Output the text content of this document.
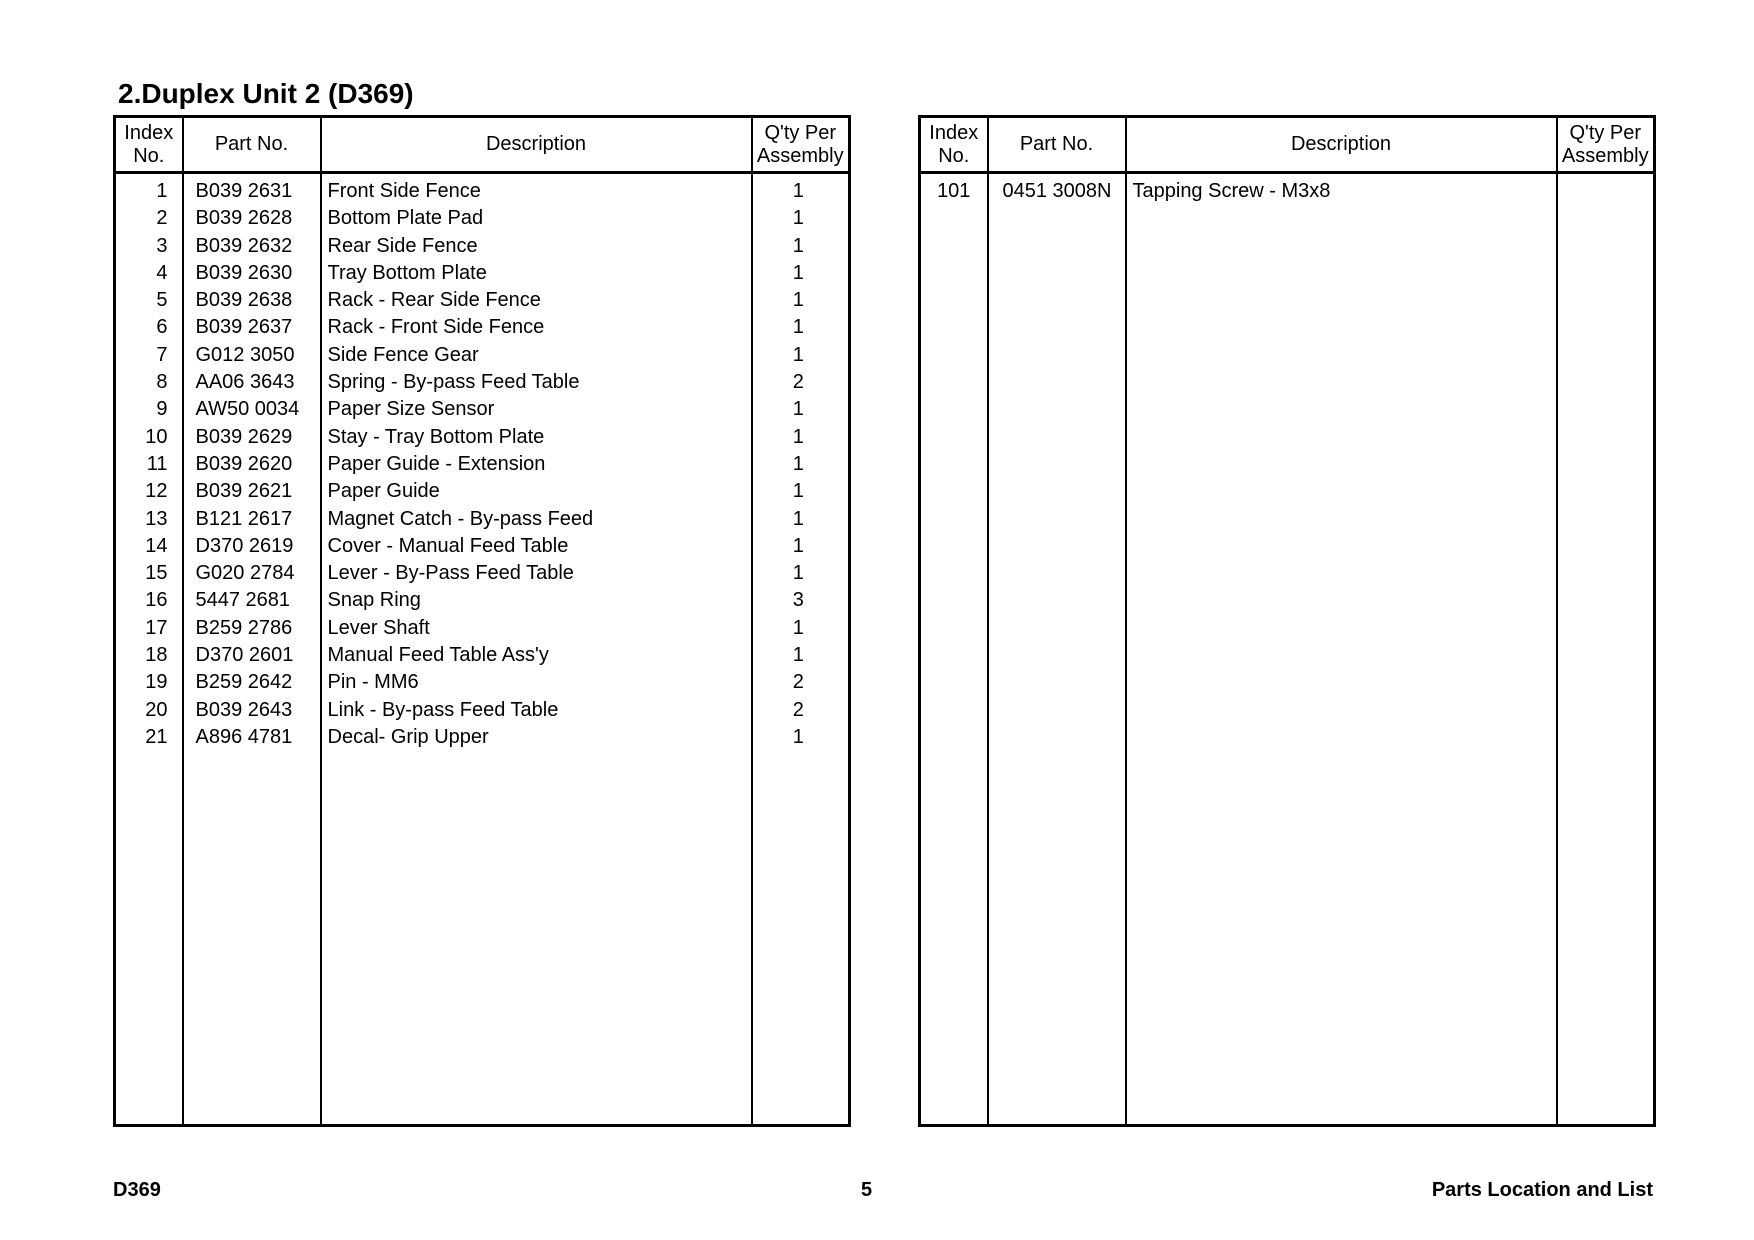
2.Duplex Unit 2 (D369)
Index
No.	Part No.	Description	Q'ty Per
Assembly
1	B039 2631	Front Side Fence	1
2	B039 2628	Bottom Plate Pad	1
3	B039 2632	Rear Side Fence	1
4	B039 2630	Tray Bottom Plate	1
5	B039 2638	Rack - Rear Side Fence	1
6	B039 2637	Rack - Front Side Fence	1
7	G012 3050	Side Fence Gear	1
8	AA06 3643	Spring - By-pass Feed Table	2
9	AW50 0034	Paper Size Sensor	1
10	B039 2629	Stay - Tray Bottom Plate	1
11	B039 2620	Paper Guide - Extension	1
12	B039 2621	Paper Guide	1
13	B121 2617	Magnet Catch - By-pass Feed	1
14	D370 2619	Cover - Manual Feed Table	1
15	G020 2784	Lever - By-Pass Feed Table	1
16	5447 2681	Snap Ring	3
17	B259 2786	Lever Shaft	1
18	D370 2601	Manual Feed Table Ass'y	1
19	B259 2642	Pin - MM6	2
20	B039 2643	Link - By-pass Feed Table	2
21	A896 4781	Decal- Grip Upper	1

Index
No.	Part No.	Description	Q'ty Per
Assembly
101	0451 3008N	Tapping Screw - M3x8	

D369	5	Parts Location and List
